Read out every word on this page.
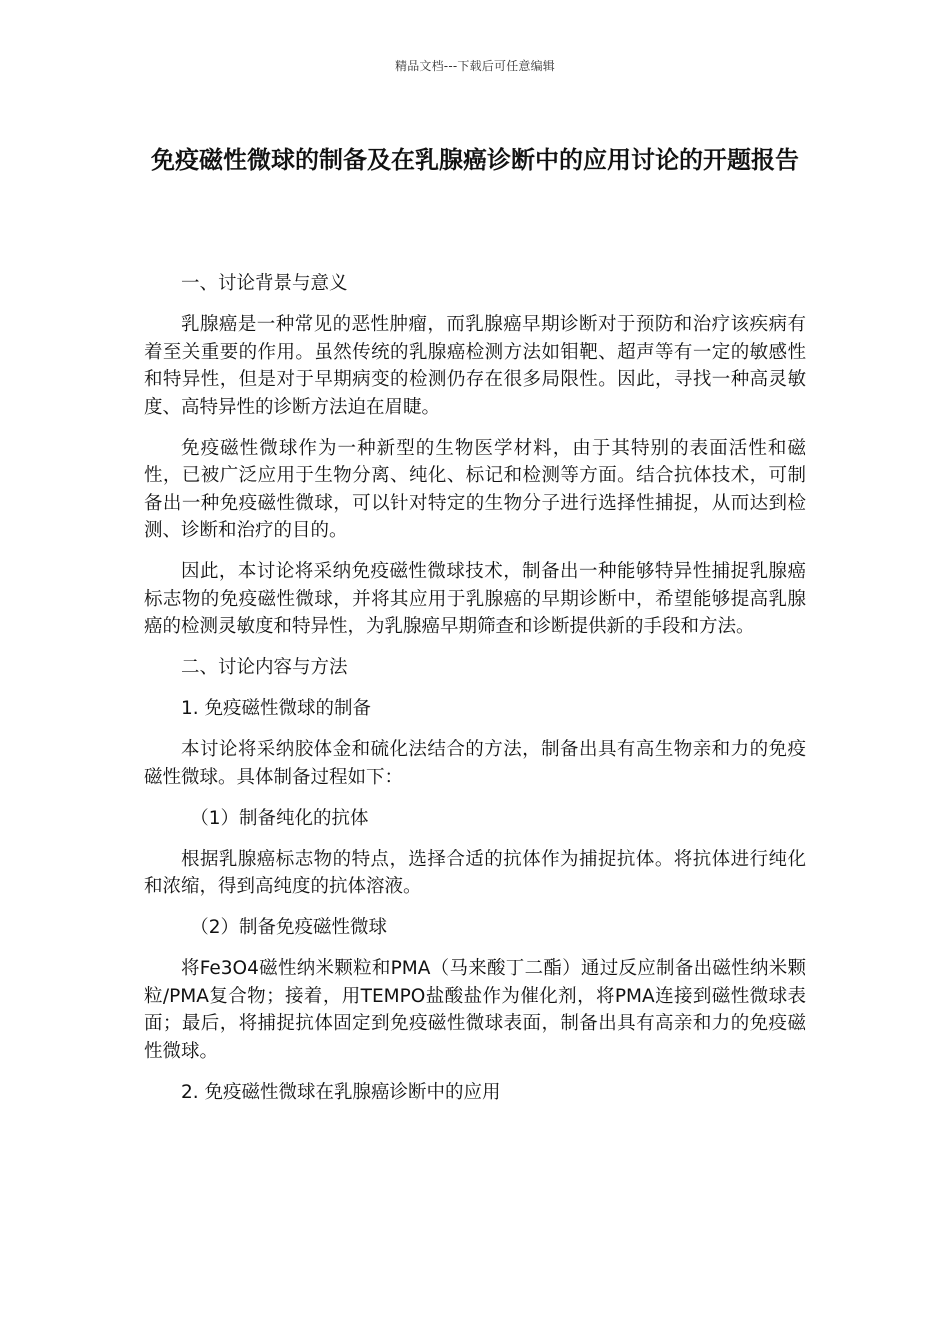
精品文档---下载后可任意编辑
免疫磁性微球的制备及在乳腺癌诊断中的应用讨论的开题报告

一、讨论背景与意义

乳腺癌是一种常见的恶性肿瘤，而乳腺癌早期诊断对于预防和治疗该疾病有着至关重要的作用。虽然传统的乳腺癌检测方法如钼靶、超声等有一定的敏感性和特异性，但是对于早期病变的检测仍存在很多局限性。因此，寻找一种高灵敏度、高特异性的诊断方法迫在眉睫。

免疫磁性微球作为一种新型的生物医学材料，由于其特别的表面活性和磁性，已被广泛应用于生物分离、纯化、标记和检测等方面。结合抗体技术，可制备出一种免疫磁性微球，可以针对特定的生物分子进行选择性捕捉，从而达到检测、诊断和治疗的目的。

因此，本讨论将采纳免疫磁性微球技术，制备出一种能够特异性捕捉乳腺癌标志物的免疫磁性微球，并将其应用于乳腺癌的早期诊断中，希望能够提高乳腺癌的检测灵敏度和特异性，为乳腺癌早期筛查和诊断提供新的手段和方法。

二、讨论内容与方法

1. 免疫磁性微球的制备

本讨论将采纳胶体金和硫化法结合的方法，制备出具有高生物亲和力的免疫磁性微球。具体制备过程如下：

（1）制备纯化的抗体

根据乳腺癌标志物的特点，选择合适的抗体作为捕捉抗体。将抗体进行纯化和浓缩，得到高纯度的抗体溶液。

（2）制备免疫磁性微球

将Fe3O4磁性纳米颗粒和PMA（马来酸丁二酯）通过反应制备出磁性纳米颗粒/PMA复合物；接着，用TEMPO盐酸盐作为催化剂，将PMA连接到磁性微球表面；最后，将捕捉抗体固定到免疫磁性微球表面，制备出具有高亲和力的免疫磁性微球。

2. 免疫磁性微球在乳腺癌诊断中的应用
